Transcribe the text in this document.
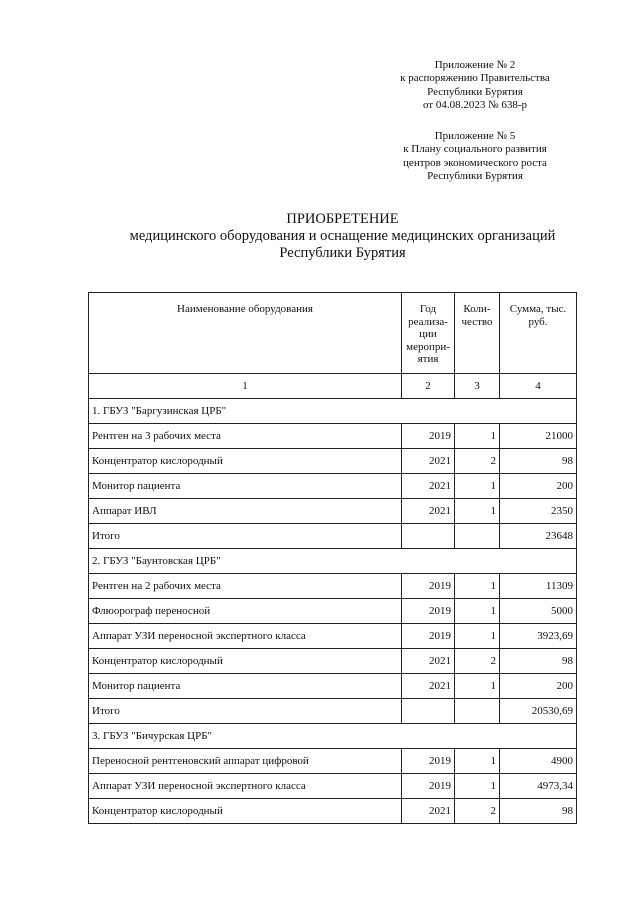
Приложение № 2
к распоряжению Правительства
Республики Бурятия
от 04.08.2023 № 638-р
Приложение № 5
к Плану социального развития
центров экономического роста
Республики Бурятия
ПРИОБРЕТЕНИЕ
медицинского оборудования и оснащение медицинских организаций
Республики Бурятия
Наименование оборудования	Год реализа-ции меропри-ятия	Коли-чество	Сумма, тыс. руб.
1	2	3	4
1. ГБУЗ "Баргузинская ЦРБ"			
Рентген на 3 рабочих места	2019	1	21000
Концентратор кислородный	2021	2	98
Монитор пациента	2021	1	200
Аппарат ИВЛ	2021	1	2350
Итого			23648
2. ГБУЗ "Баунтовская ЦРБ"			
Рентген на 2 рабочих места	2019	1	11309
Флюорограф переносной	2019	1	5000
Аппарат УЗИ переносной экспертного класса	2019	1	3923,69
Концентратор кислородный	2021	2	98
Монитор пациента	2021	1	200
Итого			20530,69
3. ГБУЗ "Бичурская ЦРБ"			
Переносной рентгеновский аппарат цифровой	2019	1	4900
Аппарат УЗИ переносной экспертного класса	2019	1	4973,34
Концентратор кислородный	2021	2	98
